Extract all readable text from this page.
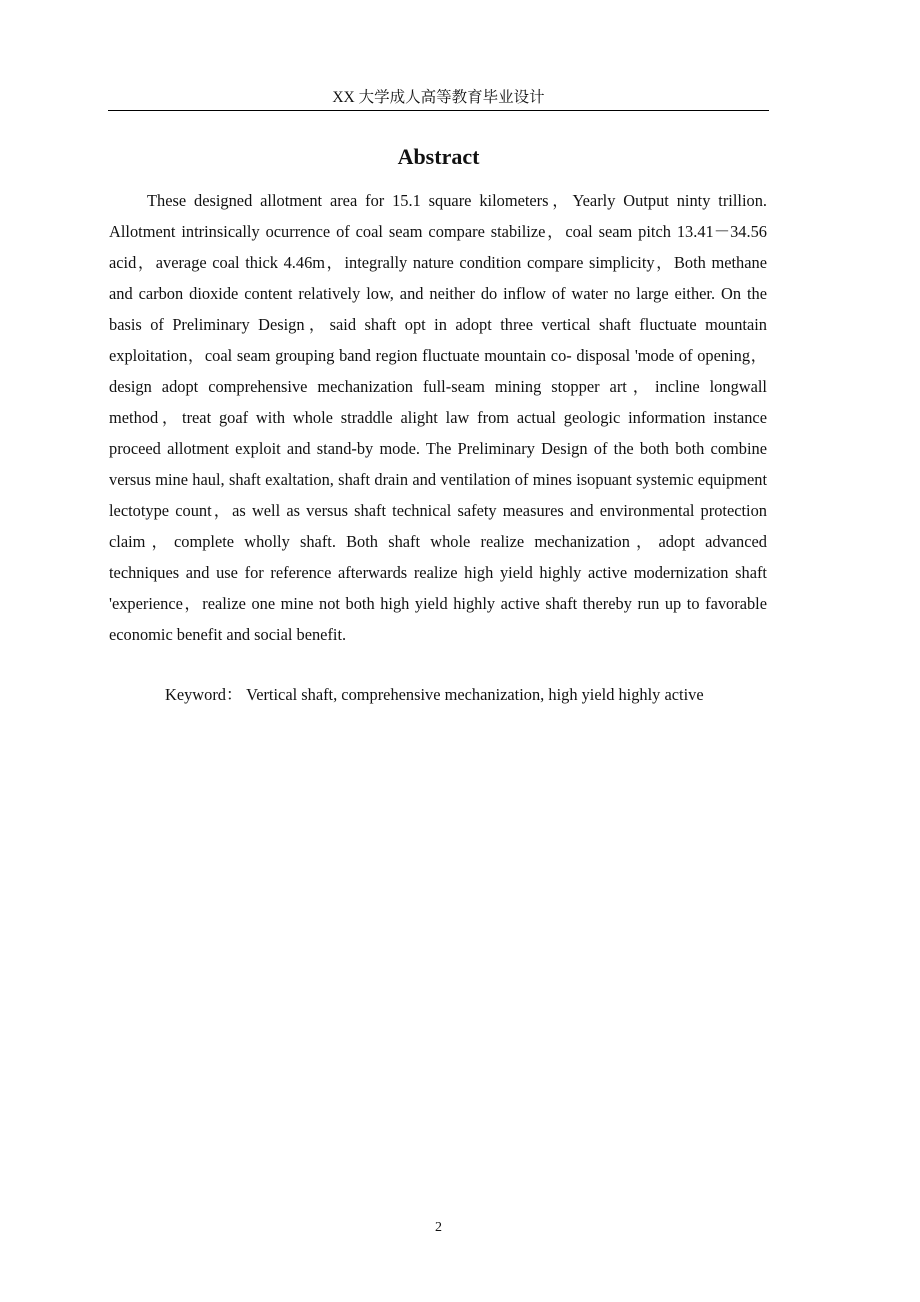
XX 大学成人高等教育毕业设计
Abstract

These designed allotment area for 15.1 square kilometers，Yearly Output ninty trillion. Allotment intrinsically ocurrence of coal seam compare stabilize，coal seam pitch 13.41－34.56 acid，average coal thick 4.46m，integrally nature condition compare simplicity，Both methane and carbon dioxide content relatively low, and neither do inflow of water no large either. On the basis of Preliminary Design，said shaft opt in adopt three vertical shaft fluctuate mountain exploitation，coal seam grouping band region fluctuate mountain co- disposal 'mode of opening，design adopt comprehensive mechanization full-seam mining stopper art，incline longwall method，treat goaf with whole straddle alight law from actual geologic information instance proceed allotment exploit and stand-by mode. The Preliminary Design of the both both combine versus mine haul, shaft exaltation, shaft drain and ventilation of mines isopuant systemic equipment lectotype count，as well as versus shaft technical safety measures and environmental protection claim，complete wholly shaft. Both shaft whole realize mechanization，adopt advanced techniques and use for reference afterwards realize high yield highly active modernization shaft 'experience，realize one mine not both high yield highly active shaft thereby run up to favorable economic benefit and social benefit.

Keyword： Vertical shaft, comprehensive mechanization, high yield highly active

2
